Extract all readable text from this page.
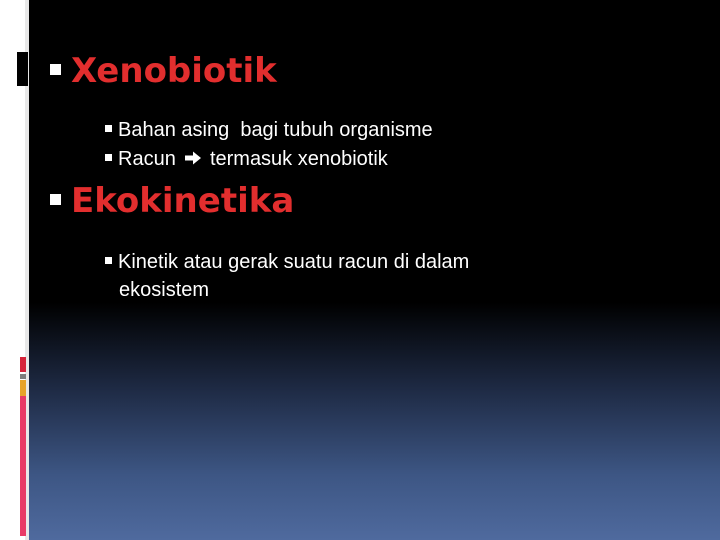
Xenobiotik
Bahan asing  bagi tubuh organisme
Racun termasuk xenobiotik
Ekokinetika
Kinetik atau gerak suatu racun di dalam
ekosistem
